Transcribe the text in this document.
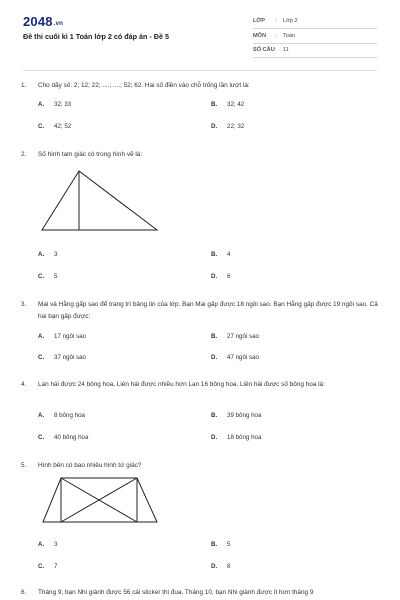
2048.vn
Đề thi cuối kì 1 Toán lớp 2 có đáp án - Đề 5
LỚP : Lớp 2
MÔN : Toán
SỐ CÂU : 11
1. Cho dãy số: 2; 12; 22; ....; ....; 52; 62. Hai số điền vào chỗ trống lần lượt là:
A. 32; 33	B. 32; 42
C. 42; 52	D. 22; 32
2. Số hình tam giác có trong hình vẽ là:
A. 3	B. 4
C. 5	D. 6
3. Mai và Hằng gấp sao để trang trí bảng tin của lớp. Bạn Mai gấp được 18 ngôi sao. Bạn Hằng gấp được 19 ngôi sao. Cả hai bạn gấp được:
A. 17 ngôi sao	B. 27 ngôi sao
C. 37 ngôi sao	D. 47 ngôi sao
4. Lan hái được 24 bông hoa, Liên hái được nhiều hơn Lan 16 bông hoa. Liên hái được số bông hoa là:
A. 8 bông hoa	B. 39 bông hoa
C. 40 bông hoa	D. 18 bông hoa
5. Hình bên có bao nhiêu hình tứ giác?
A. 3	B. 5
C. 7	D. 8
6. Tháng 9, bạn Nhi giành được 56 cái sticker thi đua. Tháng 10, bạn Nhi giành được ít hơn tháng 9
